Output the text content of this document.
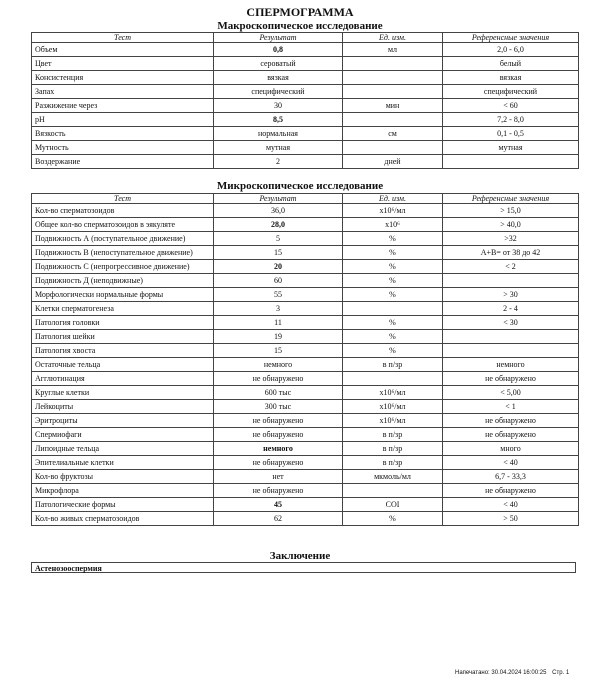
СПЕРМОГРАММА
Макроскопическое исследование
Тест	Результат	Ед. изм.	Референсные значения
Объем	0,8	мл	2,0 - 6,0
Цвет	сероватый		белый
Консистенция	вязкая		вязкая
Запах	специфический		специфический
Разжижение через	30	мин	< 60
pH	8,5		7,2 - 8,0
Вязкость	нормальная	см	0,1 - 0,5
Мутность	мутная		мутная
Воздержание	2	дней	
Микроскопическое исследование
Тест	Результат	Ед. изм.	Референсные значения
Кол-во сперматозоидов	36,0	x10⁶/мл	> 15,0
Общее кол-во сперматозоидов в эякуляте	28,0	x10⁶	> 40,0
Подвижность А (поступательное движение)	5	%	>32
Подвижность В (непоступательное движение)	15	%	A+B= от 38 до 42
Подвижность С (непрогрессивное движение)	20	%	< 2
Подвижность Д (неподвижные)	60	%	
Морфологически нормальные формы	55	%	> 30
Клетки сперматогенеза	3		2 - 4
Патология головки	11	%	< 30
Патология шейки	19	%	
Патология хвоста	15	%	
Остаточные тельца	немного	в п/зр	немного
Агглютинация	не обнаружено		не обнаружено
Круглые клетки	600 тыс	x10⁶/мл	< 5,00
Лейкоциты	300 тыс	x10⁶/мл	< 1
Эритроциты	не обнаружено	x10⁶/мл	не обнаружено
Спермиофаги	не обнаружено	в п/зр	не обнаружено
Липоидные тельца	немного	в п/зр	много
Эпителиальные клетки	не обнаружено	в п/зр	< 40
Кол-во фруктозы	нет	мкмоль/мл	6,7 - 33,3
Микрофлора	не обнаружено		не обнаружено
Патологические формы	45	СОI	< 40
Кол-во живых сперматозоидов	62	%	> 50
Заключение
Астенозооспермия
Напечатано: 30.04.2024 16:00:25 Стр. 1
